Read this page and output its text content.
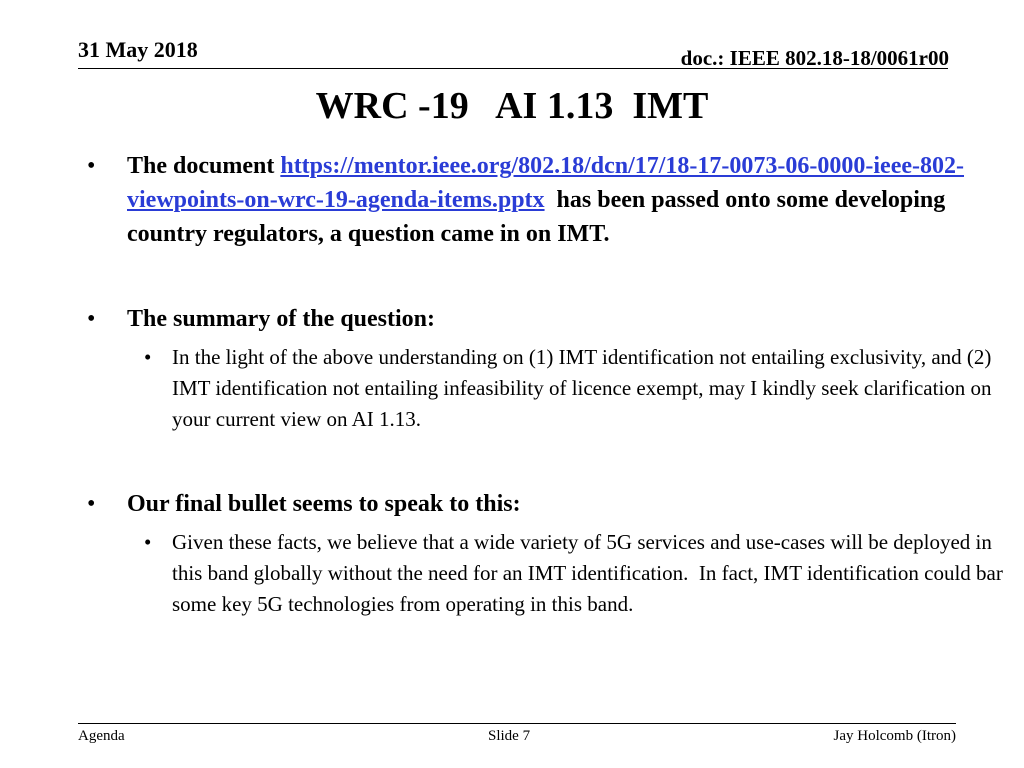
31 May 2018	doc.: IEEE 802.18-18/0061r00
WRC -19   AI 1.13  IMT
• The document https://mentor.ieee.org/802.18/dcn/17/18-17-0073-06-0000-ieee-802-viewpoints-on-wrc-19-agenda-items.pptx  has been passed onto some developing country regulators, a question came in on IMT.
• The summary of the question:
• In the light of the above understanding on (1) IMT identification not entailing exclusivity, and (2) IMT identification not entailing infeasibility of licence exempt, may I kindly seek clarification on your current view on AI 1.13.
• Our final bullet seems to speak to this:
• Given these facts, we believe that a wide variety of 5G services and use-cases will be deployed in this band globally without the need for an IMT identification.  In fact, IMT identification could bar some key 5G technologies from operating in this band.
Agenda	Slide 7	Jay Holcomb (Itron)
